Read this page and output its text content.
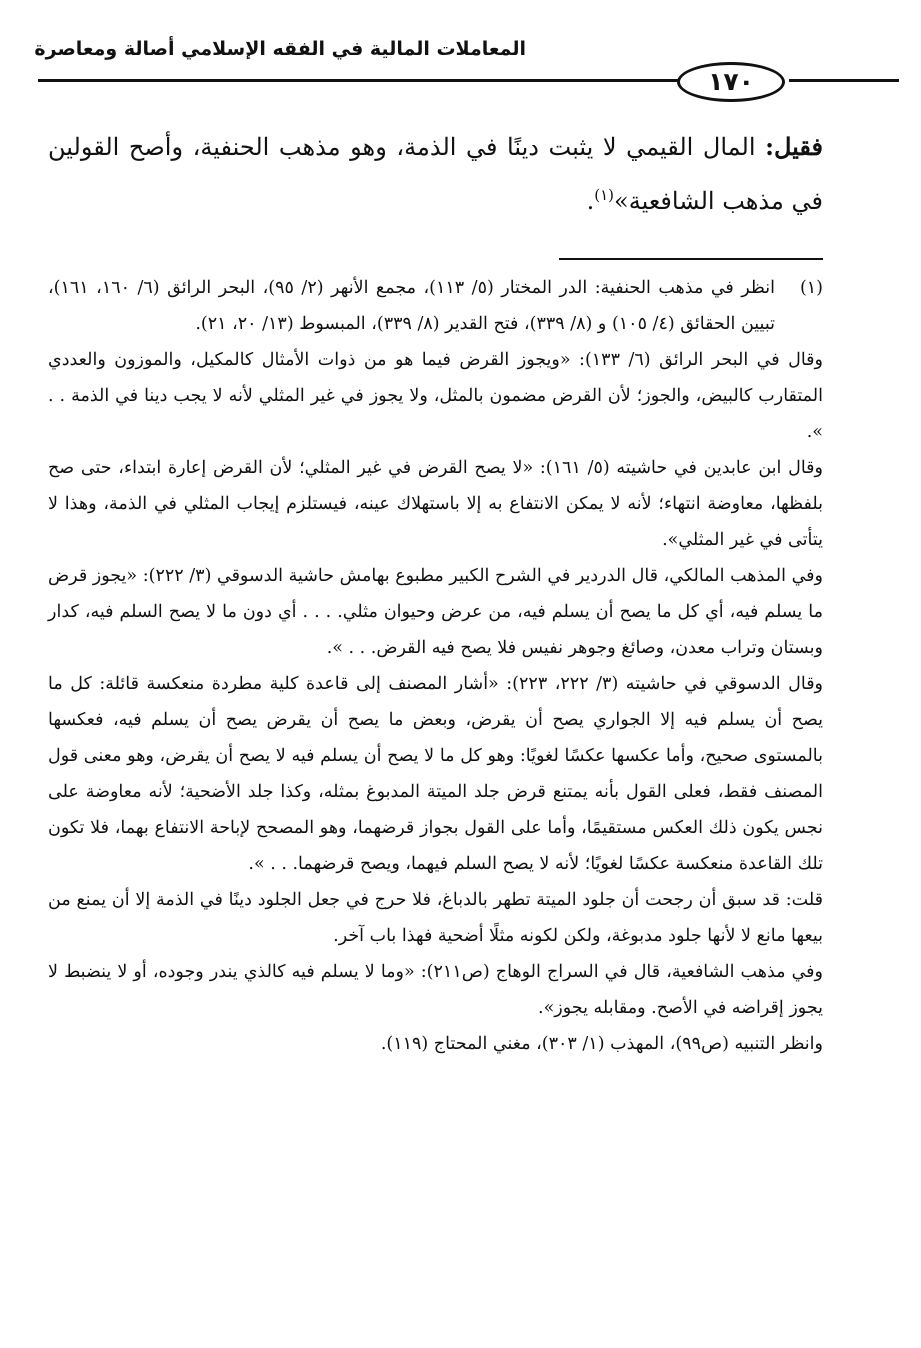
المعاملات المالية في الفقه الإسلامي أصالة ومعاصرة
١٧٠
فقيل: المال القيمي لا يثبت دينًا في الذمة، وهو مذهب الحنفية، وأصح القولين في مذهب الشافعية»$^{(١)}$.
(١)

انظر في مذهب الحنفية: الدر المختار (٥/ ١١٣)، مجمع الأنهر (٢/ ٩٥)، البحر الرائق (٦/ ١٦٠، ١٦١)، تبيين الحقائق (٤/ ١٠٥) و (٨/ ٣٣٩)، فتح القدير (٨/ ٣٣٩)، المبسوط (١٣/ ٢٠، ٢١).

وقال في البحر الرائق (٦/ ١٣٣): «ويجوز القرض فيما هو من ذوات الأمثال كالمكيل، والموزون والعددي المتقارب كالبيض، والجوز؛ لأن القرض مضمون بالمثل، ولا يجوز في غير المثلي لأنه لا يجب دينا في الذمة . . ».

وقال ابن عابدين في حاشيته (٥/ ١٦١): «لا يصح القرض في غير المثلي؛ لأن القرض إعارة ابتداء، حتى صح بلفظها، معاوضة انتهاء؛ لأنه لا يمكن الانتفاع به إلا باستهلاك عينه، فيستلزم إيجاب المثلي في الذمة، وهذا لا يتأتى في غير المثلي».

وفي المذهب المالكي، قال الدردير في الشرح الكبير مطبوع بهامش حاشية الدسوقي (٣/ ٢٢٢): «يجوز قرض ما يسلم فيه، أي كل ما يصح أن يسلم فيه، من عرض وحيوان مثلي. . . . أي دون ما لا يصح السلم فيه، كدار وبستان وتراب معدن، وصائغ وجوهر نفيس فلا يصح فيه القرض. . . ».

وقال الدسوقي في حاشيته (٣/ ٢٢٢، ٢٢٣): «أشار المصنف إلى قاعدة كلية مطردة منعكسة قائلة: كل ما يصح أن يسلم فيه إلا الجواري يصح أن يقرض، وبعض ما يصح أن يقرض يصح أن يسلم فيه، فعكسها بالمستوى صحيح، وأما عكسها عكسًا لغويًا: وهو كل ما لا يصح أن يسلم فيه لا يصح أن يقرض، وهو معنى قول المصنف فقط، فعلى القول بأنه يمتنع قرض جلد الميتة المدبوغ بمثله، وكذا جلد الأضحية؛ لأنه معاوضة على نجس يكون ذلك العكس مستقيمًا، وأما على القول بجواز قرضهما، وهو المصحح لإباحة الانتفاع بهما، فلا تكون تلك القاعدة منعكسة عكسًا لغويًا؛ لأنه لا يصح السلم فيهما، ويصح قرضهما. . . ».

قلت: قد سبق أن رجحت أن جلود الميتة تطهر بالدباغ، فلا حرج في جعل الجلود دينًا في الذمة إلا أن يمنع من بيعها مانع لا لأنها جلود مدبوغة، ولكن لكونه مثلًا أضحية فهذا باب آخر.

وفي مذهب الشافعية، قال في السراج الوهاج (ص٢١١): «وما لا يسلم فيه كالذي يندر وجوده، أو لا ينضبط لا يجوز إقراضه في الأصح. ومقابله يجوز».

وانظر التنبيه (ص٩٩)، المهذب (١/ ٣٠٣)، مغني المحتاج (١١٩).
